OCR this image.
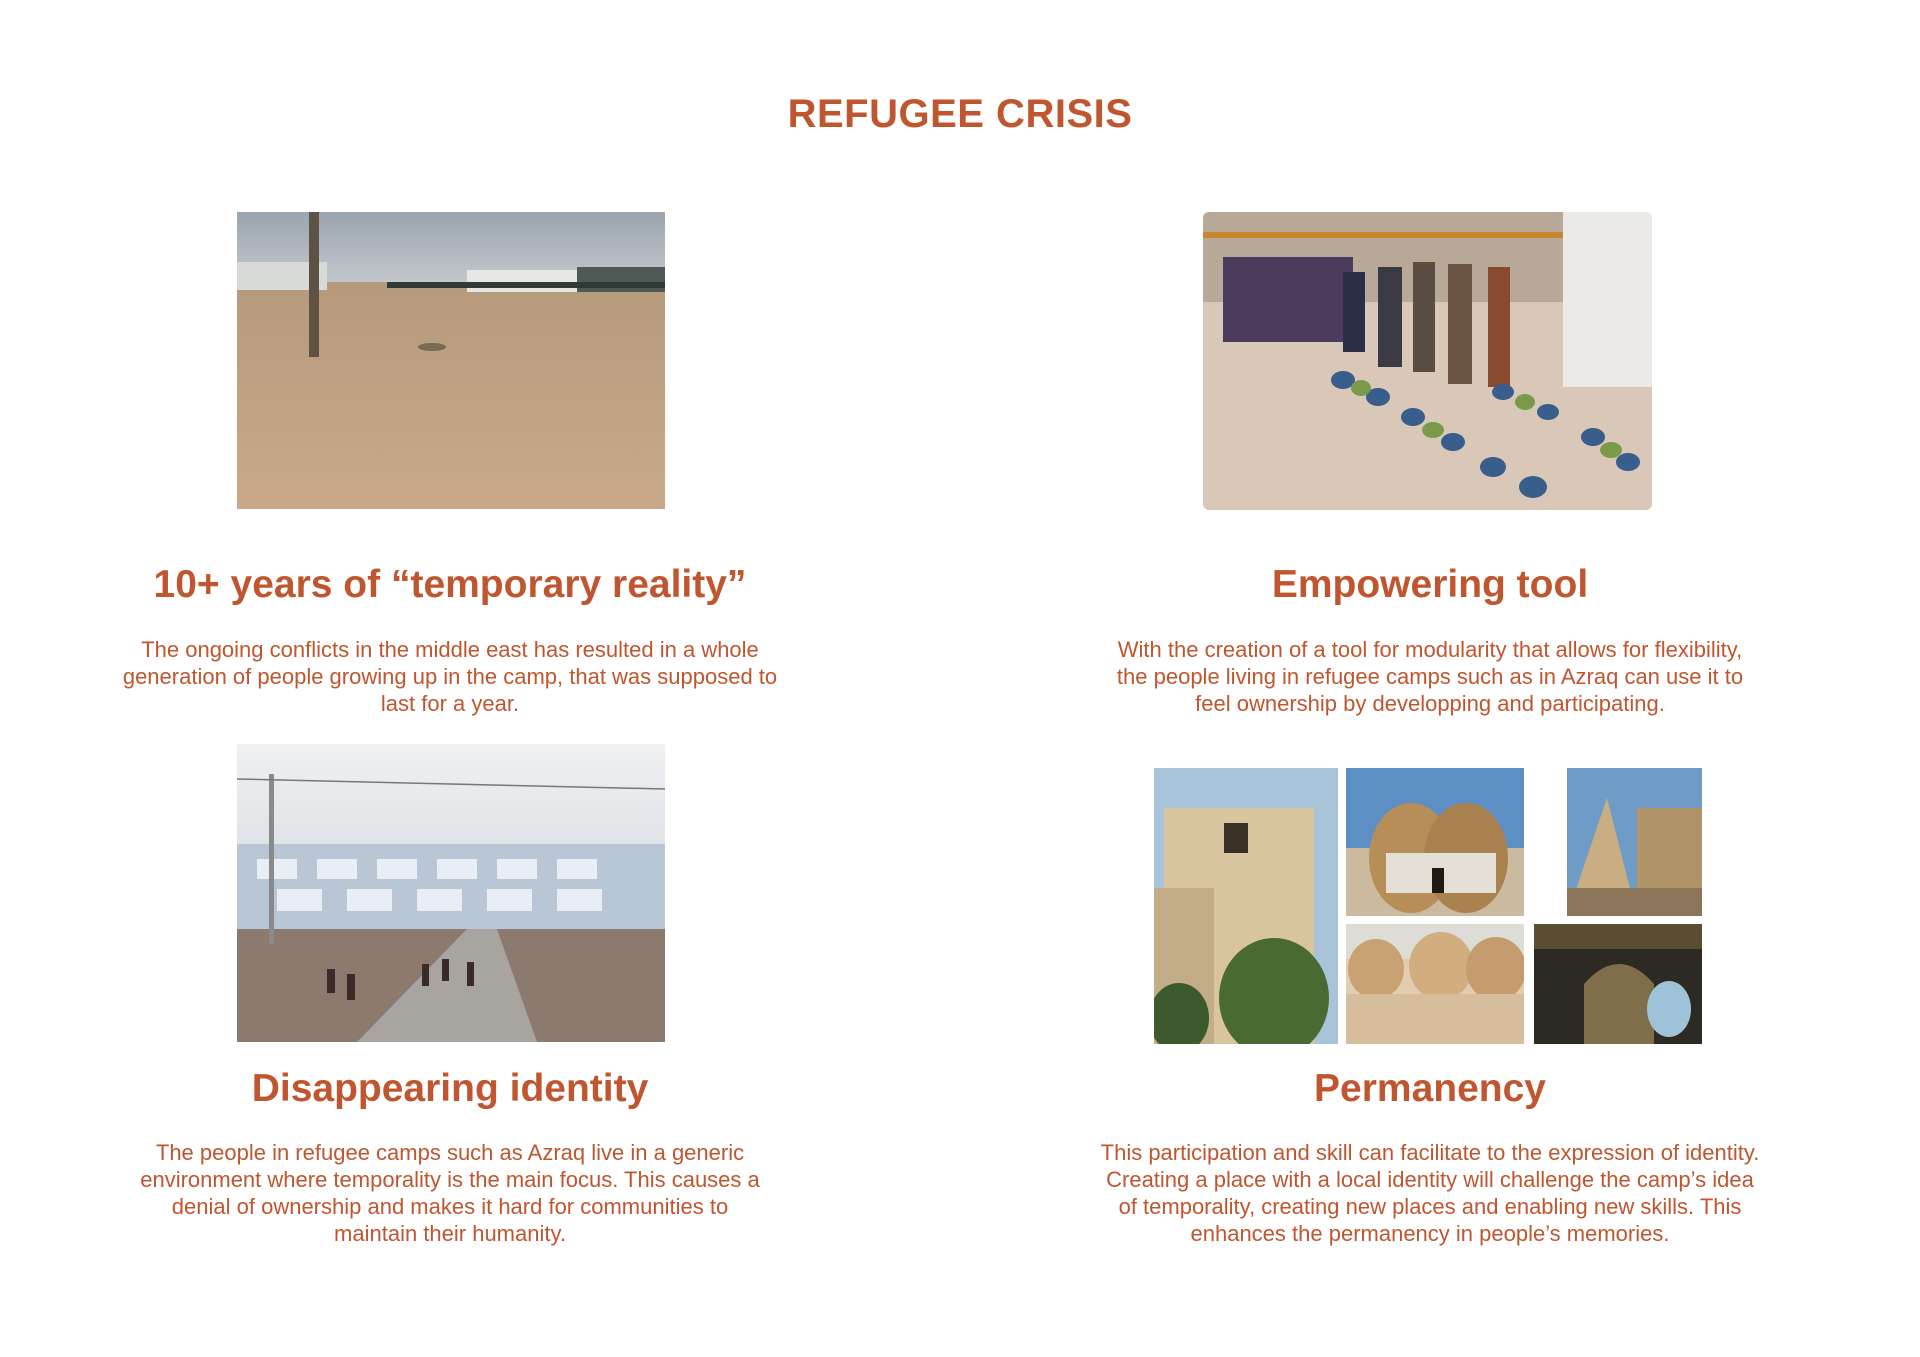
REFUGEE CRISIS
10+ years of “temporary reality”
The ongoing conflicts in the middle east has resulted in a whole generation of people growing up in the camp, that was supposed to last for a year.
Empowering tool
With the creation of a tool for modularity that allows for flexibility, the people living in refugee camps such as in Azraq can use it to feel ownership by developping and participating.
Disappearing identity
The people in refugee camps such as Azraq live in a generic environment where temporality is the main focus. This causes a denial of ownership and makes it hard for communities to maintain their humanity.
Permanency
This participation and skill can facilitate to the expression of identity. Creating a place with a local identity will challenge the camp’s idea of temporality, creating new places and enabling new skills. This enhances the permanency in people’s memories.
